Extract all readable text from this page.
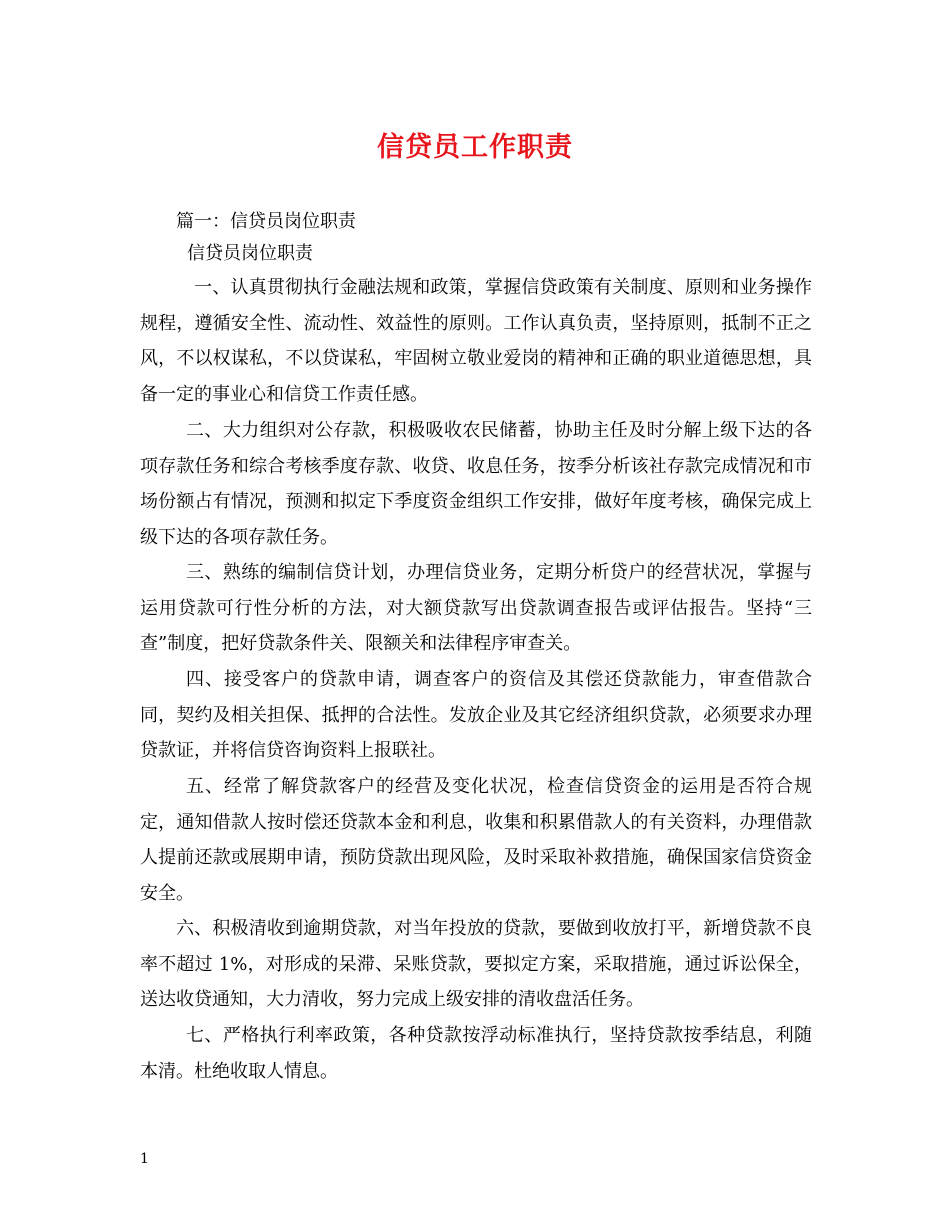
信贷员工作职责
篇一：信贷员岗位职责
信贷员岗位职责

　一、认真贯彻执行金融法规和政策，掌握信贷政策有关制度、原则和业务操作规程，遵循安全性、流动性、效益性的原则。工作认真负责，坚持原则，抵制不正之风，不以权谋私，不以贷谋私，牢固树立敬业爱岗的精神和正确的职业道德思想，具备一定的事业心和信贷工作责任感。

二、大力组织对公存款，积极吸收农民储蓄，协助主任及时分解上级下达的各项存款任务和综合考核季度存款、收贷、收息任务，按季分析该社存款完成情况和市场份额占有情况，预测和拟定下季度资金组织工作安排，做好年度考核，确保完成上级下达的各项存款任务。

三、熟练的编制信贷计划，办理信贷业务，定期分析贷户的经营状况，掌握与运用贷款可行性分析的方法，对大额贷款写出贷款调查报告或评估报告。坚持“三查”制度，把好贷款条件关、限额关和法律程序审查关。

四、接受客户的贷款申请，调查客户的资信及其偿还贷款能力，审查借款合同，契约及相关担保、抵押的合法性。发放企业及其它经济组织贷款，必须要求办理贷款证，并将信贷咨询资料上报联社。

五、经常了解贷款客户的经营及变化状况，检查信贷资金的运用是否符合规定，通知借款人按时偿还贷款本金和利息，收集和积累借款人的有关资料，办理借款人提前还款或展期申请，预防贷款出现风险，及时采取补救措施，确保国家信贷资金安全。

六、积极清收到逾期贷款，对当年投放的贷款，要做到收放打平，新增贷款不良率不超过 1%，对形成的呆滞、呆账贷款，要拟定方案，采取措施，通过诉讼保全，送达收贷通知，大力清收，努力完成上级安排的清收盘活任务。

七、严格执行利率政策，各种贷款按浮动标准执行，坚持贷款按季结息，利随本清。杜绝收取人情息。

1
